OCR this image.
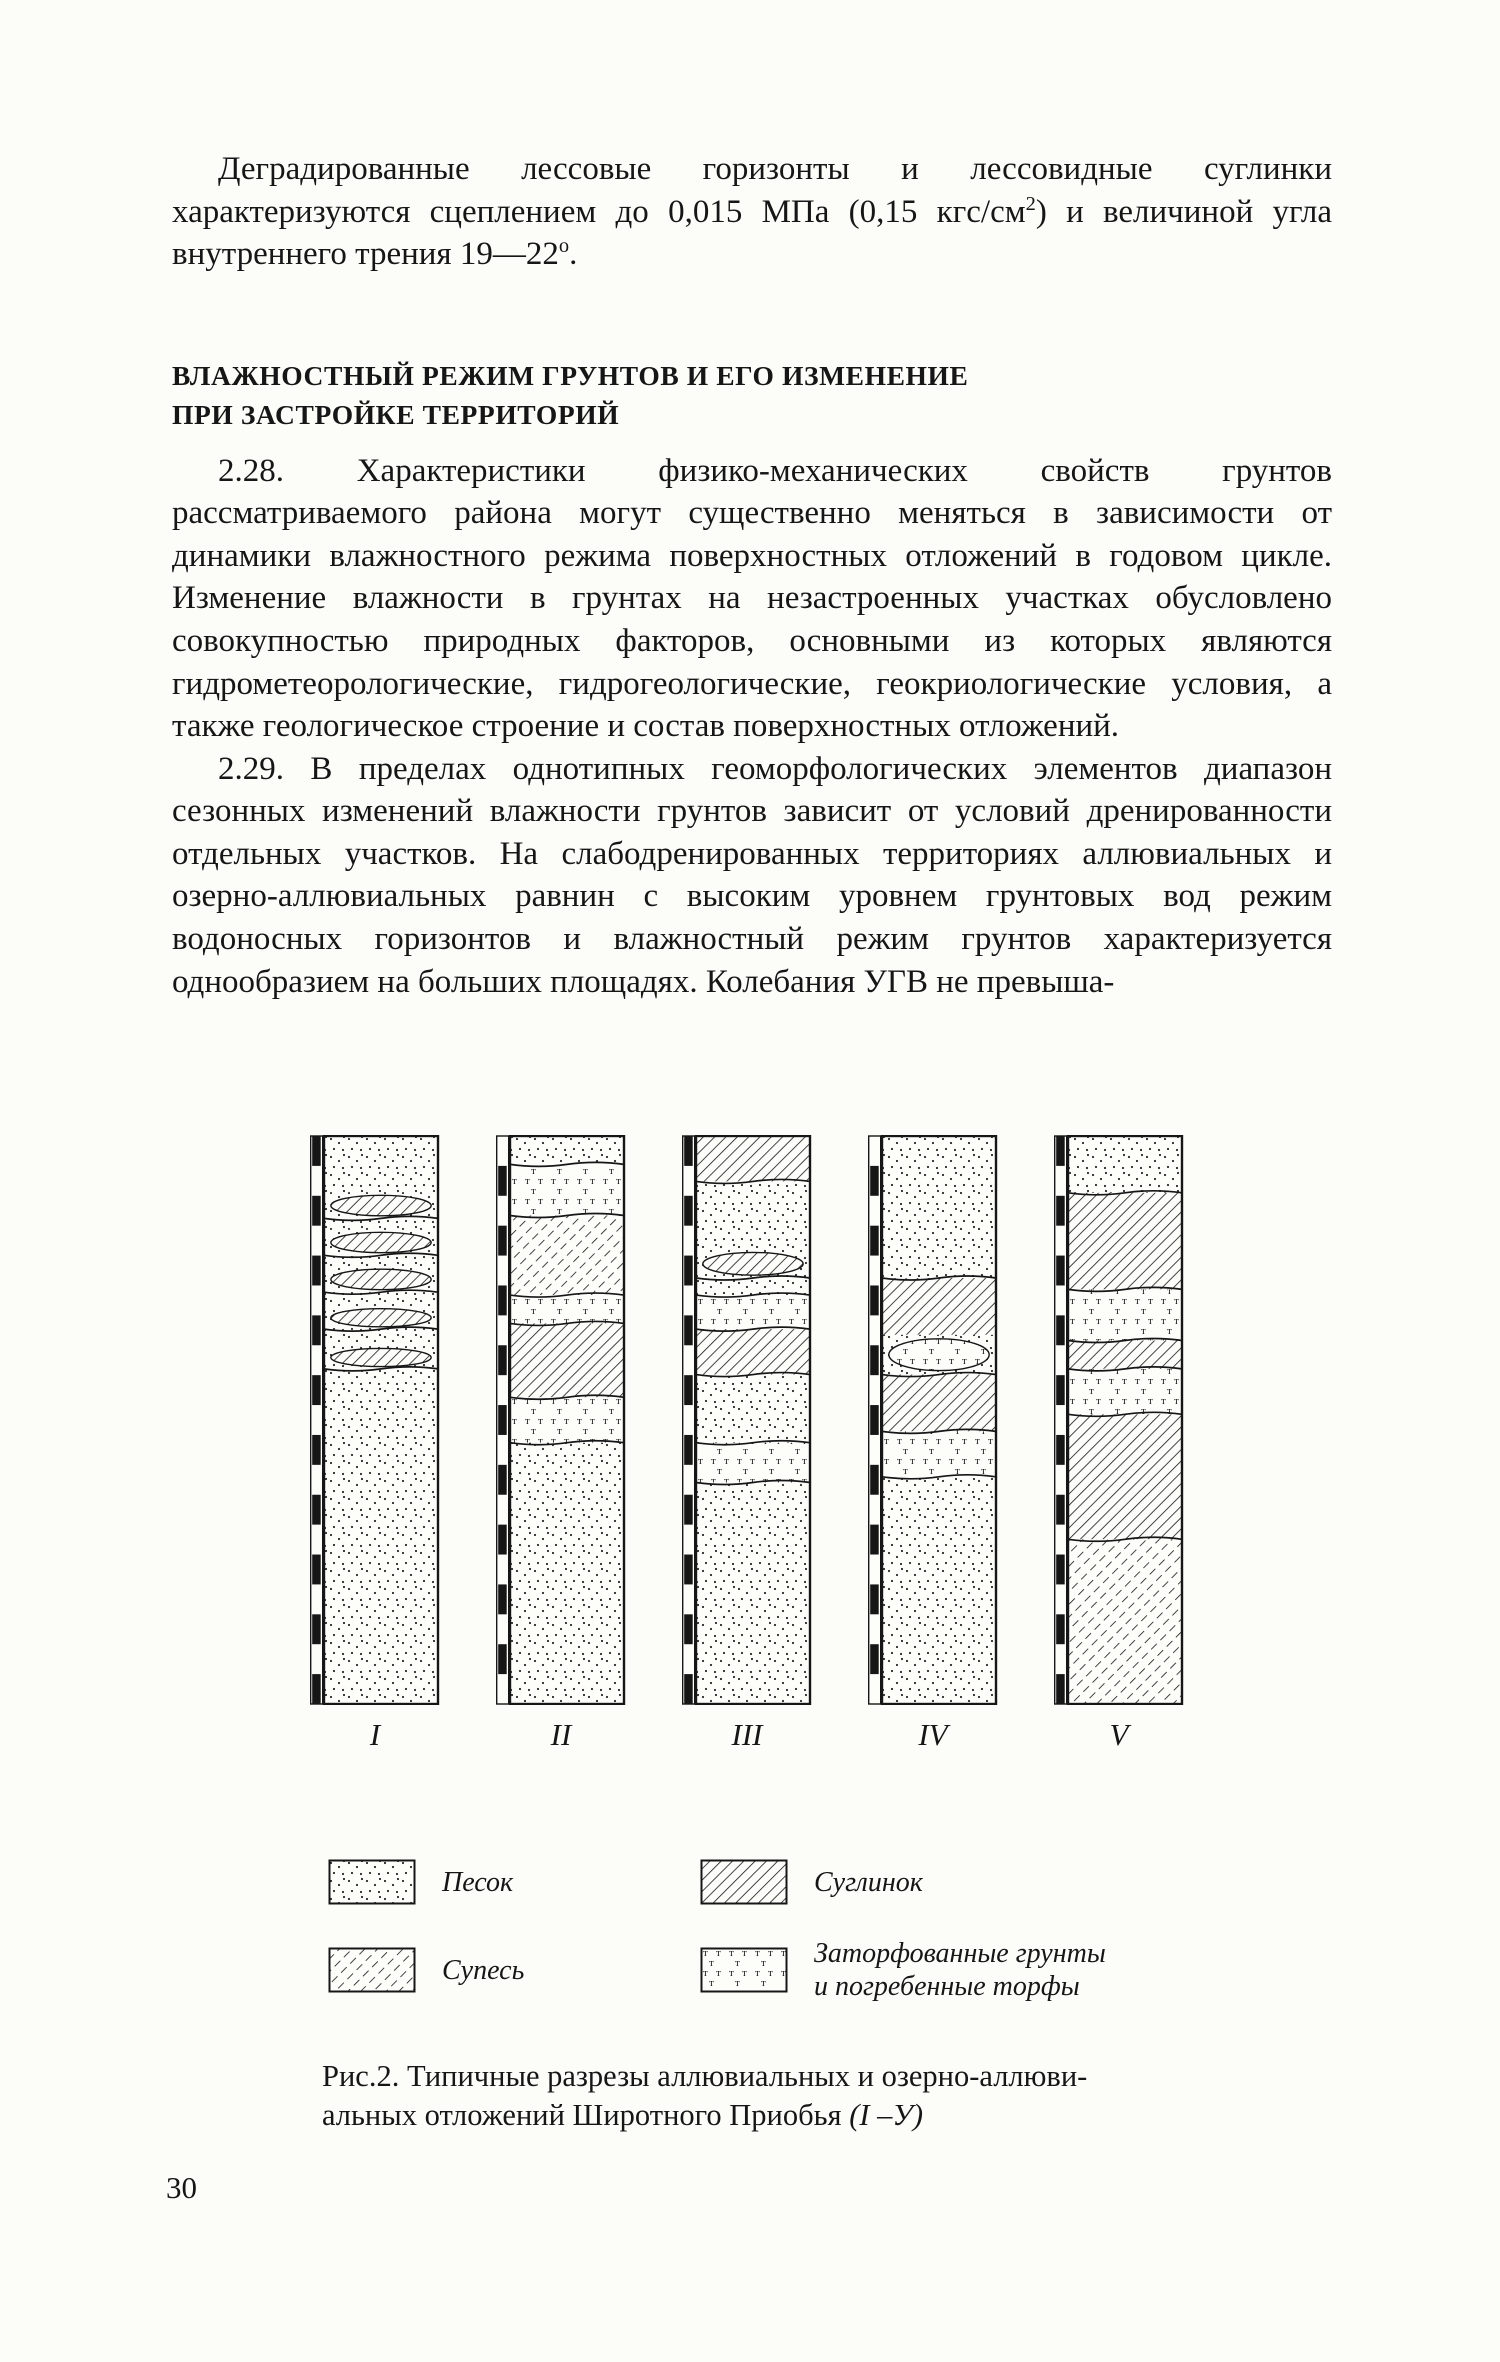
Деградированные лессовые горизонты и лессовидные суглинки характеризуются сцеплением до 0,015 МПа (0,15 кгс/$см^2$) и величиной угла внутреннего трения $19—22^о$.

ВЛАЖНОСТНЫЙ РЕЖИМ ГРУНТОВ И ЕГО ИЗМЕНЕНИЕ
ПРИ ЗАСТРОЙКЕ ТЕРРИТОРИЙ

2.28. Характеристики физико-механических свойств грунтов рассматриваемого района могут существенно меняться в зависимости от динамики влажностного режима поверхностных отложений в годовом цикле. Изменение влажности в грунтах на незастроенных участках обусловлено совокупностью природных факторов, основными из которых являются гидрометеорологические, гидрогеологические, геокриологические условия, а также геологическое строение и состав поверхностных отложений.

2.29. В пределах однотипных геоморфологических элементов диапазон сезонных изменений влажности грунтов зависит от условий дренированности отдельных участков. На слабодренированных территориях аллювиальных и озерно-аллювиальных равнин с высоким уровнем грунтовых вод режим водоносных горизонтов и влажностный режим грунтов характеризуется однообразием на больших площадях. Колебания УГВ не превыша-

I	II	III	IV	V
Песок	Суглинок
Супесь
Заторфованные грунты
и погребенные торфы
Рис.2. Типичные разрезы аллювиальных и озерно-аллюви-
альных отложений Широтного Приобья (I –У)
30
